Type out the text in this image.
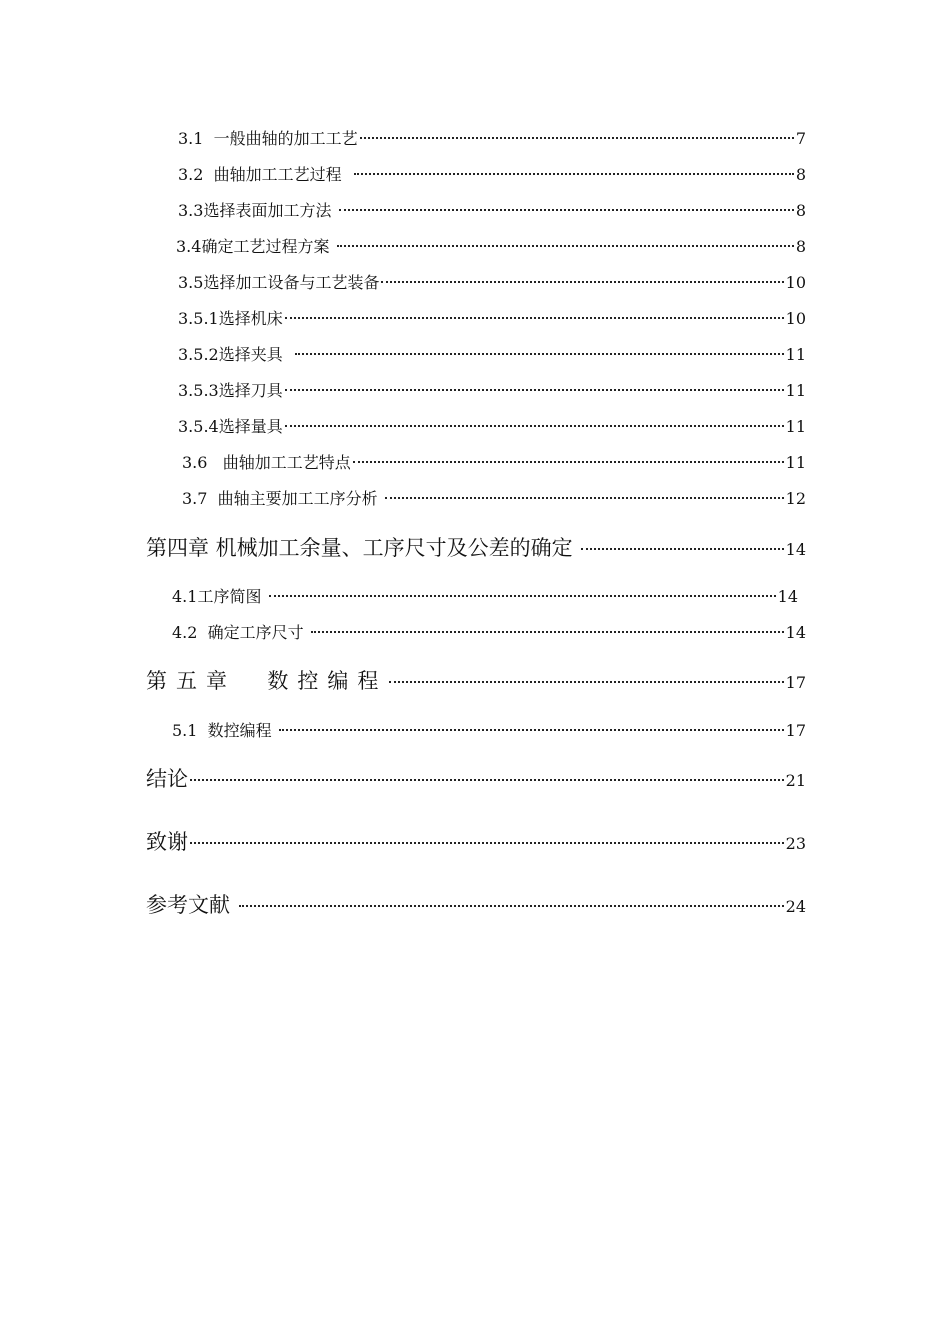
3.1  一般曲轴的加工工艺	7
3.2  曲轴加工工艺过程	8
3.3选择表面加工方法	8
3.4确定工艺过程方案	8
3.5选择加工设备与工艺装备	10
3.5.1选择机床	10
3.5.2选择夹具	11
3.5.3选择刀具	11
3.5.4选择量具	11
3.6   曲轴加工工艺特点	11
3.7  曲轴主要加工工序分析	12
第四章 机械加工余量、工序尺寸及公差的确定	14
4.1工序简图	14
4.2  确定工序尺寸	14
第五章  数控编程	17
5.1  数控编程	17
结论	21
致谢	23
参考文献	24
